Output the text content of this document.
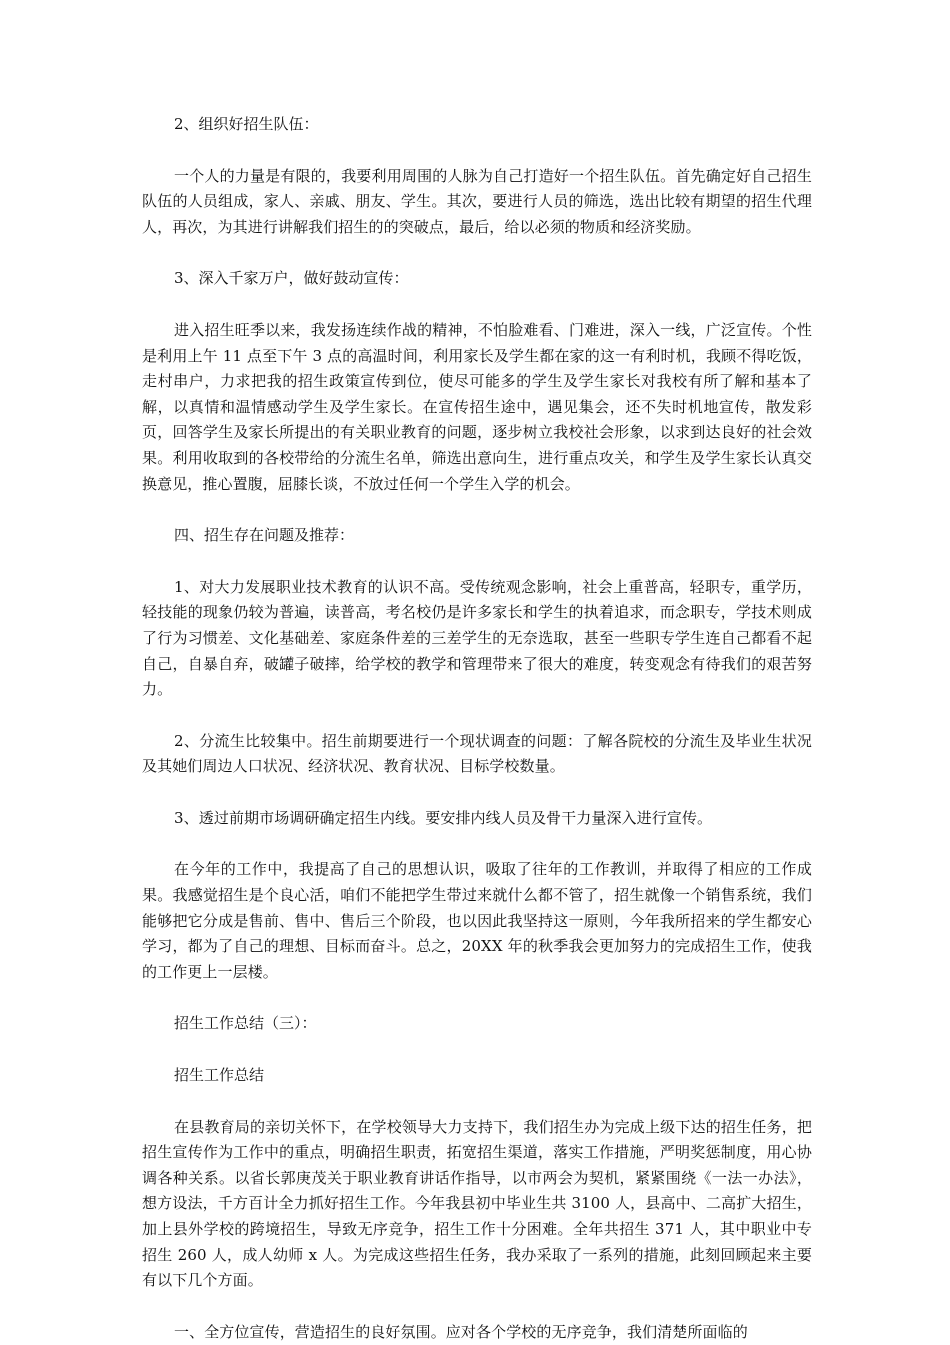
2、组织好招生队伍：

一个人的力量是有限的，我要利用周围的人脉为自己打造好一个招生队伍。首先确定好自己招生队伍的人员组成，家人、亲戚、朋友、学生。其次，要进行人员的筛选，选出比较有期望的招生代理人，再次，为其进行讲解我们招生的的突破点，最后，给以必须的物质和经济奖励。

3、深入千家万户，做好鼓动宣传：

进入招生旺季以来，我发扬连续作战的精神，不怕脸难看、门难进，深入一线，广泛宣传。个性是利用上午 11 点至下午 3 点的高温时间，利用家长及学生都在家的这一有利时机，我顾不得吃饭，走村串户，力求把我的招生政策宣传到位，使尽可能多的学生及学生家长对我校有所了解和基本了解，以真情和温情感动学生及学生家长。在宣传招生途中，遇见集会，还不失时机地宣传，散发彩页，回答学生及家长所提出的有关职业教育的问题，逐步树立我校社会形象，以求到达良好的社会效果。利用收取到的各校带给的分流生名单，筛选出意向生，进行重点攻关，和学生及学生家长认真交换意见，推心置腹，屈膝长谈，不放过任何一个学生入学的机会。

四、招生存在问题及推荐：

1、对大力发展职业技术教育的认识不高。受传统观念影响，社会上重普高，轻职专，重学历，轻技能的现象仍较为普遍，读普高，考名校仍是许多家长和学生的执着追求，而念职专，学技术则成了行为习惯差、文化基础差、家庭条件差的三差学生的无奈选取，甚至一些职专学生连自己都看不起自己，自暴自弃，破罐子破摔，给学校的教学和管理带来了很大的难度，转变观念有待我们的艰苦努力。

2、分流生比较集中。招生前期要进行一个现状调查的问题：了解各院校的分流生及毕业生状况及其她们周边人口状况、经济状况、教育状况、目标学校数量。

3、透过前期市场调研确定招生内线。要安排内线人员及骨干力量深入进行宣传。

在今年的工作中，我提高了自己的思想认识，吸取了往年的工作教训，并取得了相应的工作成果。我感觉招生是个良心活，咱们不能把学生带过来就什么都不管了，招生就像一个销售系统，我们能够把它分成是售前、售中、售后三个阶段，也以因此我坚持这一原则，今年我所招来的学生都安心学习，都为了自己的理想、目标而奋斗。总之，20XX 年的秋季我会更加努力的完成招生工作，使我的工作更上一层楼。

招生工作总结（三）：

招生工作总结

在县教育局的亲切关怀下，在学校领导大力支持下，我们招生办为完成上级下达的招生任务，把招生宣传作为工作中的重点，明确招生职责，拓宽招生渠道，落实工作措施，严明奖惩制度，用心协调各种关系。以省长郭庚茂关于职业教育讲话作指导，以市两会为契机，紧紧围绕《一法一办法》，想方设法，千方百计全力抓好招生工作。今年我县初中毕业生共 3100 人，县高中、二高扩大招生，加上县外学校的跨境招生，导致无序竞争，招生工作十分困难。全年共招生 371 人，其中职业中专招生 260 人，成人幼师 x 人。为完成这些招生任务，我办采取了一系列的措施，此刻回顾起来主要有以下几个方面。

一、全方位宣传，营造招生的良好氛围。应对各个学校的无序竞争，我们清楚所面临的
